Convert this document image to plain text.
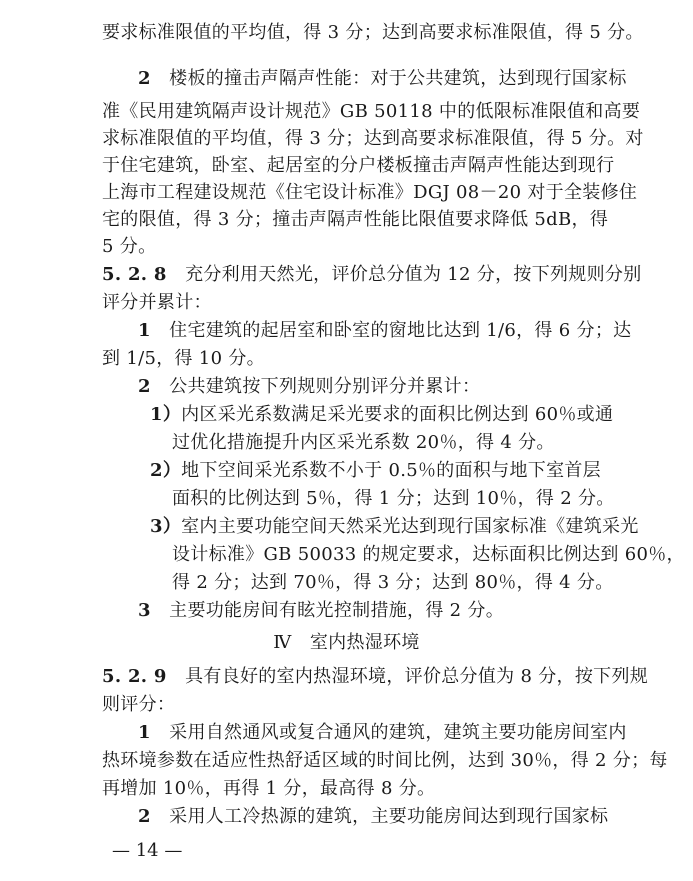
要求标准限值的平均值，得 3 分；达到高要求标准限值，得 5 分。
2　 楼板的撞击声隔声性能：对于公共建筑，达到现行国家标
准《民用建筑隔声设计规范》GB 50118 中的低限标准限值和高要
求标准限值的平均值，得 3 分；达到高要求标准限值，得 5 分。对
于住宅建筑，卧室、起居室的分户楼板撞击声隔声性能达到现行
上海市工程建设规范《住宅设计标准》DGJ 08－20 对于全装修住
宅的限值，得 3 分；撞击声隔声性能比限值要求降低 5dB，得
5 分。
5. 2. 8　 充分利用天然光，评价总分值为 12 分，按下列规则分别
评分并累计：
1　 住宅建筑的起居室和卧室的窗地比达到 1/6，得 6 分；达
到 1/5，得 10 分。
2　 公共建筑按下列规则分别评分并累计：
1）内区采光系数满足采光要求的面积比例达到 60％或通
过优化措施提升内区采光系数 20％，得 4 分。
2）地下空间采光系数不小于 0.5％的面积与地下室首层
面积的比例达到 5％，得 1 分；达到 10％，得 2 分。
3）室内主要功能空间天然采光达到现行国家标准《建筑采光
设计标准》GB 50033 的规定要求，达标面积比例达到 60％，
得 2 分；达到 70％，得 3 分；达到 80％，得 4 分。
3　 主要功能房间有眩光控制措施，得 2 分。
Ⅳ　室内热湿环境
5. 2. 9　 具有良好的室内热湿环境，评价总分值为 8 分，按下列规
则评分：
1　 采用自然通风或复合通风的建筑，建筑主要功能房间室内
热环境参数在适应性热舒适区域的时间比例，达到 30％，得 2 分；每
再增加 10％，再得 1 分，最高得 8 分。
2　 采用人工冷热源的建筑，主要功能房间达到现行国家标
— 14 —
